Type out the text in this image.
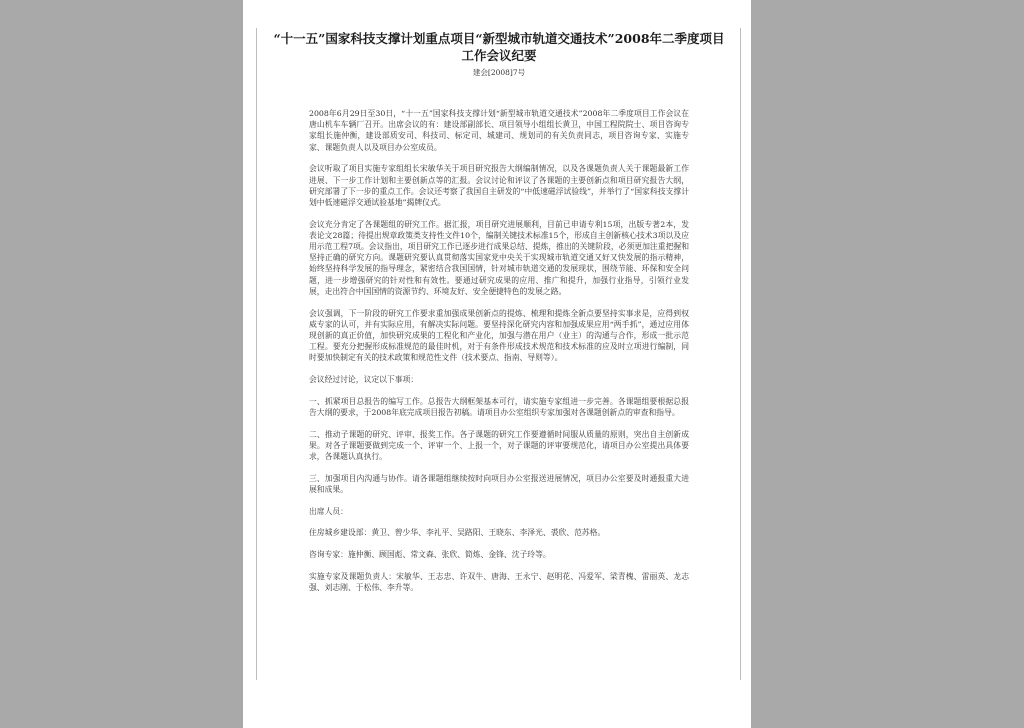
“十一五”国家科技支撑计划重点项目“新型城市轨道交通技术”2008年二季度项目工作会议纪要
建会[2008]7号

2008年6月29日至30日，“十一五”国家科技支撑计划“新型城市轨道交通技术”2008年二季度项目工作会议在唐山机车车辆厂召开。出席会议的有：建设部副部长、项目领导小组组长黄卫，中国工程院院士、项目咨询专家组长施仲衡，建设部质安司、科技司、标定司、城建司、规划司的有关负责同志，项目咨询专家、实施专家、课题负责人以及项目办公室成员。

会议听取了项目实施专家组组长宋敏华关于项目研究报告大纲编制情况，以及各课题负责人关于课题最新工作进展、下一步工作计划和主要创新点等的汇报。会议讨论和评议了各课题的主要创新点和项目研究报告大纲，研究部署了下一步的重点工作。会议还考察了我国自主研发的“中低速磁浮试验线”，并举行了“国家科技支撑计划中低速磁浮交通试验基地”揭牌仪式。

会议充分肯定了各课题组的研究工作。据汇报，项目研究进展顺利，目前已申请专利15项，出版专著2本，发表论文28篇；待提出规章政策类支持性文件10个，编制关键技术标准15个，形成自主创新核心技术3项以及应用示范工程7项。会议指出，项目研究工作已逐步进行成果总结、提炼，推出的关键阶段，必须更加注重把握和坚持正确的研究方向。课题研究要认真贯彻落实国家党中央关于实现城市轨道交通又好又快发展的指示精神，始终坚持科学发展的指导理念，紧密结合我国国情，针对城市轨道交通的发展现状，围绕节能、环保和安全问题，进一步增强研究的针对性和有效性。要通过研究成果的应用、推广和提升，加强行业指导，引领行业发展，走出符合中国国情的资源节约、环境友好、安全便捷特色的发展之路。

会议强调，下一阶段的研究工作要求重加强成果创新点的提炼、梳理和提炼全新点要坚持实事求是，应得到权威专家的认可，并有实际应用，有解决实际问题。要坚持深化研究内容和加强成果应用“两手抓”，通过应用体现创新的真正价值，加快研究成果的工程化和产业化，加强与潜在用户（业主）的沟通与合作，形成一批示范工程。要充分把握形成标准规范的最佳时机，对于有条件形成技术规范和技术标准的应及时立项进行编制，同时要加快制定有关的技术政策和规范性文件（技术要点、指南、导则等）。

会议经过讨论，议定以下事项：

一、抓紧项目总报告的编写工作。总报告大纲框架基本可行，请实施专家组进一步完善。各课题组要根据总报告大纲的要求，于2008年底完成项目报告初稿。请项目办公室组织专家加强对各课题创新点的审查和指导。

二、推动子课题的研究、评审、报奖工作。各子课题的研究工作要遵循时间服从质量的原则，突出自主创新成果。对各子课题要做到完成一个、评审一个、上报一个，对子课题的评审要规范化，请项目办公室提出具体要求，各课题认真执行。

三、加强项目内沟通与协作。请各课题组继续按时向项目办公室报送进展情况，项目办公室要及时通报重大进展和成果。

出席人员：

住房城乡建设部：黄卫、曾少华、李礼平、吴路阳、王晓东、李泽光、裘欣、范苏格。

咨询专家：施仲衡、顾国彪、常文森、张欣、简炼、金锋、沈子玲等。

实施专家及课题负责人：宋敏华、王志忠、许双牛、唐海、王永宁、赵明花、冯爱军、梁青槐、雷丽英、龙志强、刘志刚、于松伟、李升等。
